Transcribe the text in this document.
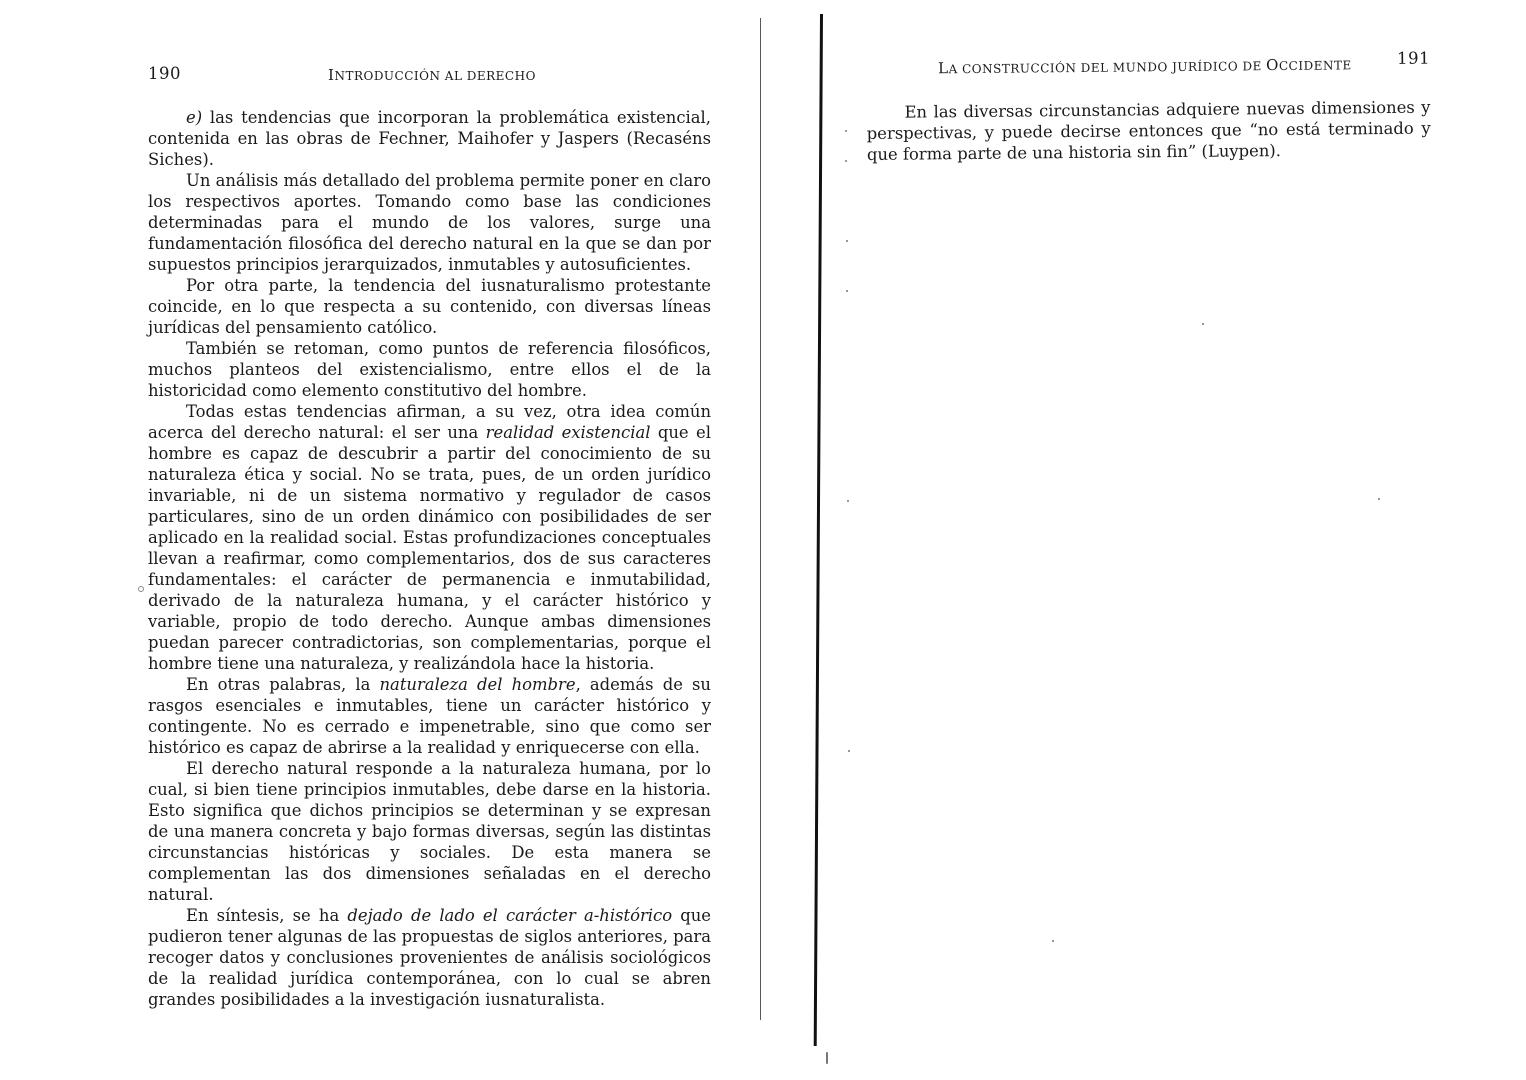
190	INTRODUCCIÓN AL DERECHO

e) las tendencias que incorporan la problemática existencial, contenida en las obras de Fechner, Maihofer y Jaspers (Recaséns Siches).

Un análisis más detallado del problema permite poner en claro los respectivos aportes. Tomando como base las condiciones determinadas para el mundo de los valores, surge una fundamentación filosófica del derecho natural en la que se dan por supuestos principios jerarquizados, inmutables y autosuficientes.

Por otra parte, la tendencia del iusnaturalismo protestante coincide, en lo que respecta a su contenido, con diversas líneas jurídicas del pensamiento católico.

También se retoman, como puntos de referencia filosóficos, muchos planteos del existencialismo, entre ellos el de la historicidad como elemento constitutivo del hombre.

Todas estas tendencias afirman, a su vez, otra idea común acerca del derecho natural: el ser una realidad existencial que el hombre es capaz de descubrir a partir del conocimiento de su naturaleza ética y social. No se trata, pues, de un orden jurídico invariable, ni de un sistema normativo y regulador de casos particulares, sino de un orden dinámico con posibilidades de ser aplicado en la realidad social. Estas profundizaciones conceptuales llevan a reafirmar, como complementarios, dos de sus caracteres fundamentales: el carácter de permanencia e inmutabilidad, derivado de la naturaleza humana, y el carácter histórico y variable, propio de todo derecho. Aunque ambas dimensiones puedan parecer contradictorias, son complementarias, porque el hombre tiene una naturaleza, y realizándola hace la historia.

En otras palabras, la naturaleza del hombre, además de su rasgos esenciales e inmutables, tiene un carácter histórico y contingente. No es cerrado e impenetrable, sino que como ser histórico es capaz de abrirse a la realidad y enriquecerse con ella.

El derecho natural responde a la naturaleza humana, por lo cual, si bien tiene principios inmutables, debe darse en la historia. Esto significa que dichos principios se determinan y se expresan de una manera concreta y bajo formas diversas, según las distintas circunstancias históricas y sociales. De esta manera se complementan las dos dimensiones señaladas en el derecho natural.

En síntesis, se ha dejado de lado el carácter a-histórico que pudieron tener algunas de las propuestas de siglos anteriores, para recoger datos y conclusiones provenientes de análisis sociológicos de la realidad jurídica contemporánea, con lo cual se abren grandes posibilidades a la investigación iusnaturalista.

LA CONSTRUCCIÓN DEL MUNDO JURÍDICO DE OCCIDENTE	191

En las diversas circunstancias adquiere nuevas dimensiones y perspectivas, y puede decirse entonces que “no está terminado y que forma parte de una historia sin fin” (Luypen).
